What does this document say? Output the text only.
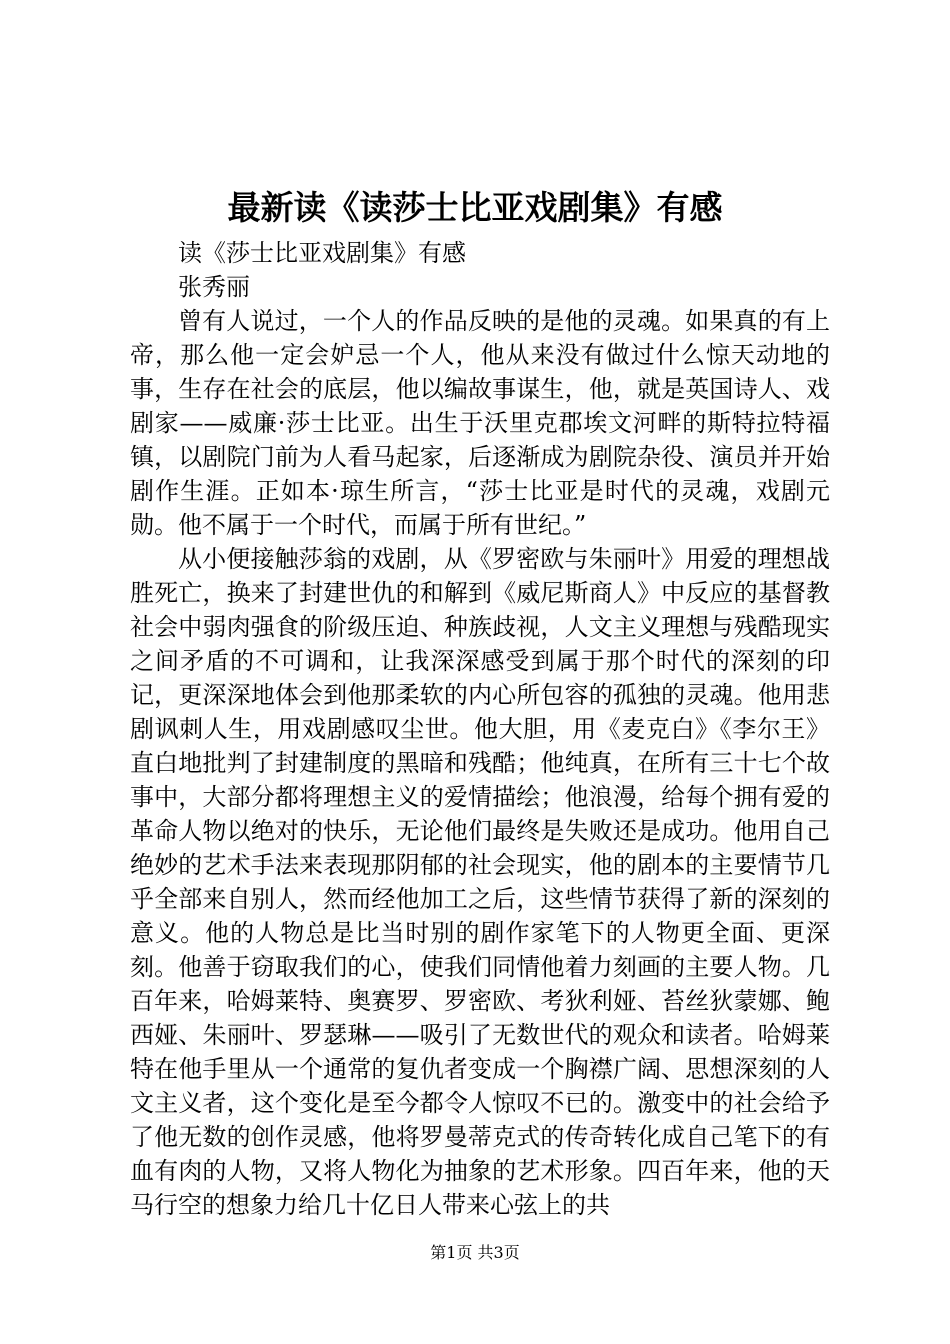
最新读《读莎士比亚戏剧集》有感

读《莎士比亚戏剧集》有感

张秀丽

曾有人说过，一个人的作品反映的是他的灵魂。如果真的有上帝，那么他一定会妒忌一个人，他从来没有做过什么惊天动地的事，生存在社会的底层，他以编故事谋生，他，就是英国诗人、戏剧家——威廉·莎士比亚。出生于沃里克郡埃文河畔的斯特拉特福镇，以剧院门前为人看马起家，后逐渐成为剧院杂役、演员并开始剧作生涯。正如本·琼生所言，“莎士比亚是时代的灵魂，戏剧元勋。他不属于一个时代，而属于所有世纪。”

从小便接触莎翁的戏剧，从《罗密欧与朱丽叶》用爱的理想战胜死亡，换来了封建世仇的和解到《威尼斯商人》中反应的基督教社会中弱肉强食的阶级压迫、种族歧视，人文主义理想与残酷现实之间矛盾的不可调和，让我深深感受到属于那个时代的深刻的印记，更深深地体会到他那柔软的内心所包容的孤独的灵魂。他用悲剧讽刺人生，用戏剧感叹尘世。他大胆，用《麦克白》《李尔王》直白地批判了封建制度的黑暗和残酷；他纯真，在所有三十七个故事中，大部分都将理想主义的爱情描绘；他浪漫，给每个拥有爱的革命人物以绝对的快乐，无论他们最终是失败还是成功。他用自己绝妙的艺术手法来表现那阴郁的社会现实，他的剧本的主要情节几乎全部来自别人，然而经他加工之后，这些情节获得了新的深刻的意义。他的人物总是比当时别的剧作家笔下的人物更全面、更深刻。他善于窃取我们的心，使我们同情他着力刻画的主要人物。几百年来，哈姆莱特、奥赛罗、罗密欧、考狄利娅、苔丝狄蒙娜、鲍西娅、朱丽叶、罗瑟琳——吸引了无数世代的观众和读者。哈姆莱特在他手里从一个通常的复仇者变成一个胸襟广阔、思想深刻的人文主义者，这个变化是至今都令人惊叹不已的。激变中的社会给予了他无数的创作灵感，他将罗曼蒂克式的传奇转化成自己笔下的有血有肉的人物，又将人物化为抽象的艺术形象。四百年来，他的天马行空的想象力给几十亿日人带来心弦上的共

第1页 共3页
